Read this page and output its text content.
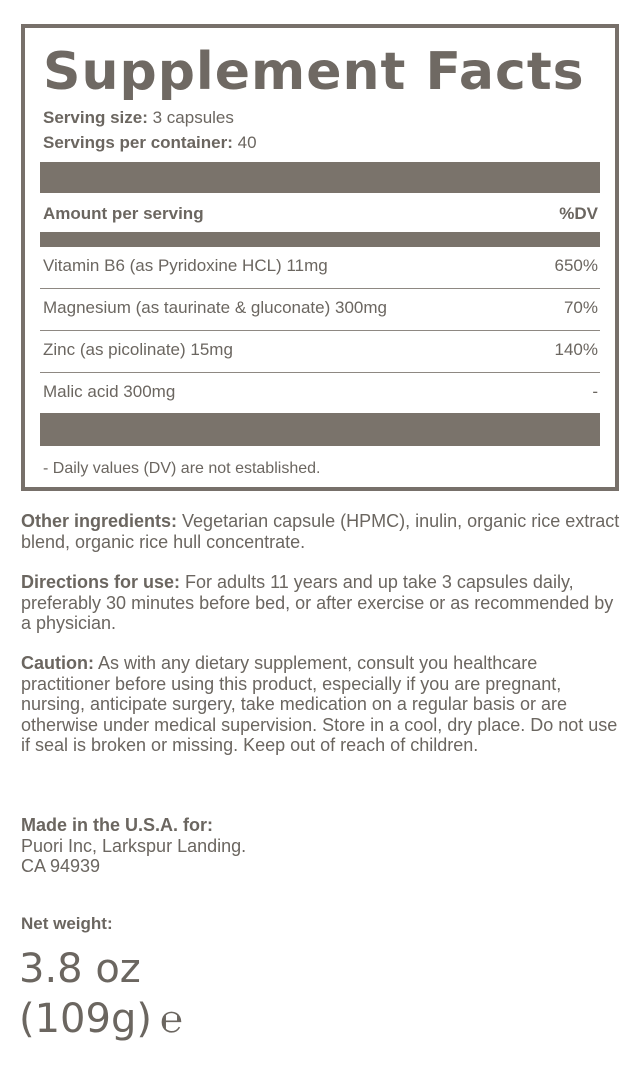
Supplement Facts
Serving size: 3 capsules
Servings per container: 40
Amount per serving	%DV
Vitamin B6 (as Pyridoxine HCL) 11mg	650%
Magnesium (as taurinate & gluconate) 300mg	70%
Zinc (as picolinate) 15mg	140%
Malic acid 300mg	-
- Daily values (DV) are not established.
Other ingredients: Vegetarian capsule (HPMC), inulin, organic rice extract blend, organic rice hull concentrate.
Directions for use: For adults 11 years and up take 3 capsules daily, preferably 30 minutes before bed, or after exercise or as recommended by a physician.
Caution: As with any dietary supplement, consult you healthcare practitioner before using this product, especially if you are pregnant, nursing, anticipate surgery, take medication on a regular basis or are otherwise under medical supervision. Store in a cool, dry place. Do not use if seal is broken or missing. Keep out of reach of children.
Made in the U.S.A. for:
Puori Inc, Larkspur Landing.
CA 94939
Net weight:
3.8 oz
(109g) ℮
